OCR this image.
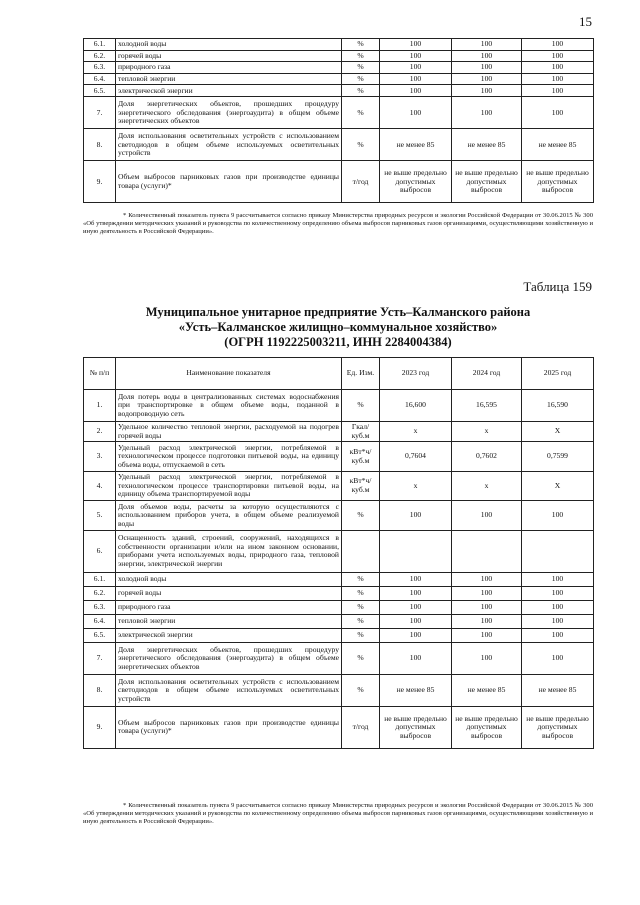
15
6.1.	холодной воды	%	100	100	100
6.2.	горячей воды	%	100	100	100
6.3.	природного газа	%	100	100	100
6.4.	тепловой энергии	%	100	100	100
6.5.	электрической энергии	%	100	100	100
7.	Доля энергетических объектов, прошедших процедуру энергетического обследования (энергоаудита) в общем объеме энергетических объектов	%	100	100	100
8.	Доля использования осветительных устройств с использованием светодиодов в общем объеме используемых осветительных устройств	%	не менее 85	не менее 85	не менее 85
9.	Объем выбросов парниковых газов при производстве единицы товара (услуги)*	т/год	не выше предельно допустимых выбросов	не выше предельно допустимых выбросов	не выше предельно допустимых выбросов
* Количественный показатель пункта 9 рассчитывается согласно приказу Министерства природных ресурсов и экологии Российской Федерации от 30.06.2015 № 300 «Об утверждении методических указаний и руководства по количественному определению объема выбросов парниковых газов организациями, осуществляющими хозяйственную и иную деятельность в Российской Федерации».
Таблица 159
Муниципальное унитарное предприятие Усть–Калманского района
«Усть–Калманское жилищно–коммунальное хозяйство»
(ОГРН 1192225003211, ИНН 2284004384)
№ п/п	Наименование показателя	Ед. Изм.	2023 год	2024 год	2025 год
1.	Доля потерь воды в централизованных системах водоснабжения при транспортировке в общем объеме воды, поданной в водопроводную сеть	%	16,600	16,595	16,590
2.	Удельное количество тепловой энергии, расходуемой на подогрев горячей воды	Гкал/ куб.м	x	x	X
3.	Удельный расход электрической энергии, потребляемой в технологическом процессе подготовки питьевой воды, на единицу объема воды, отпускаемой в сеть	кВт*ч/ куб.м	0,7604	0,7602	0,7599
4.	Удельный расход электрической энергии, потребляемой в технологическом процессе транспортировки питьевой воды, на единицу объема транспортируемой воды	кВт*ч/ куб.м	x	x	X
5.	Доля объемов воды, расчеты за которую осуществляются с использованием приборов учета, в общем объеме реализуемой воды	%	100	100	100
6.	Оснащенность зданий, строений, сооружений, находящихся в собственности организации и/или на ином законном основании, приборами учета используемых воды, природного газа, тепловой энергии, электрической энергии				
6.1.	холодной воды	%	100	100	100
6.2.	горячей воды	%	100	100	100
6.3.	природного газа	%	100	100	100
6.4.	тепловой энергии	%	100	100	100
6.5.	электрической энергии	%	100	100	100
7.	Доля энергетических объектов, прошедших процедуру энергетического обследования (энергоаудита) в общем объеме энергетических объектов	%	100	100	100
8.	Доля использования осветительных устройств с использованием светодиодов в общем объеме используемых осветительных устройств	%	не менее 85	не менее 85	не менее 85
9.	Объем выбросов парниковых газов при производстве единицы товара (услуги)*	т/год	не выше предельно допустимых выбросов	не выше предельно допустимых выбросов	не выше предельно допустимых выбросов
* Количественный показатель пункта 9 рассчитывается согласно приказу Министерства природных ресурсов и экологии Российской Федерации от 30.06.2015 № 300 «Об утверждении методических указаний и руководства по количественному определению объема выбросов парниковых газов организациями, осуществляющими хозяйственную и иную деятельность в Российской Федерации».
